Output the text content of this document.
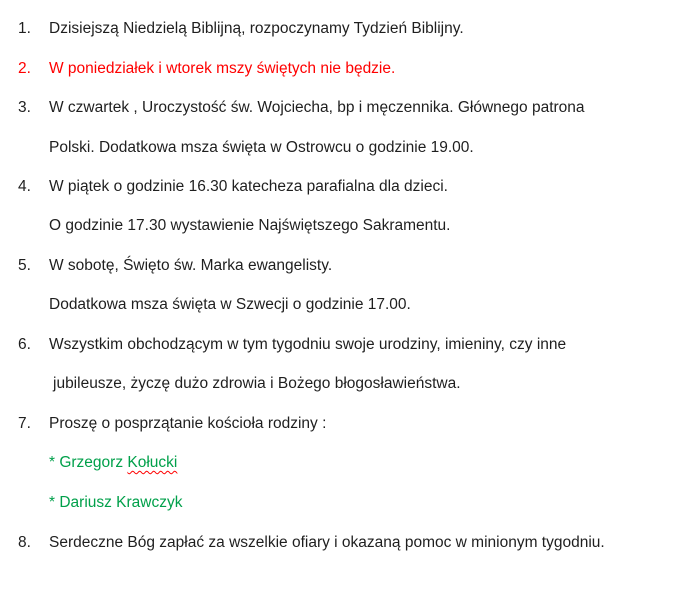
1.	Dzisiejszą Niedzielą Biblijną, rozpoczynamy Tydzień Biblijny.
2.	W poniedziałek i wtorek mszy świętych nie będzie.
3.	W czwartek , Uroczystość św. Wojciecha, bp i męczennika. Głównego patrona
Polski. Dodatkowa msza święta w Ostrowcu o godzinie 19.00.
4.	W piątek o godzinie 16.30 katecheza parafialna dla dzieci.
O godzinie 17.30 wystawienie Najświętszego Sakramentu.
5.	W sobotę, Święto św. Marka ewangelisty.
Dodatkowa msza święta w Szwecji o godzinie 17.00.
6.	Wszystkim obchodzącym w tym tygodniu swoje urodziny, imieniny, czy inne
jubileusze, życzę dużo zdrowia i Bożego błogosławieństwa.
7.	Proszę o posprzątanie kościoła rodziny :
* Grzegorz Kołucki
* Dariusz Krawczyk
8.	Serdeczne Bóg zapłać za wszelkie ofiary i okazaną pomoc w minionym tygodniu.
